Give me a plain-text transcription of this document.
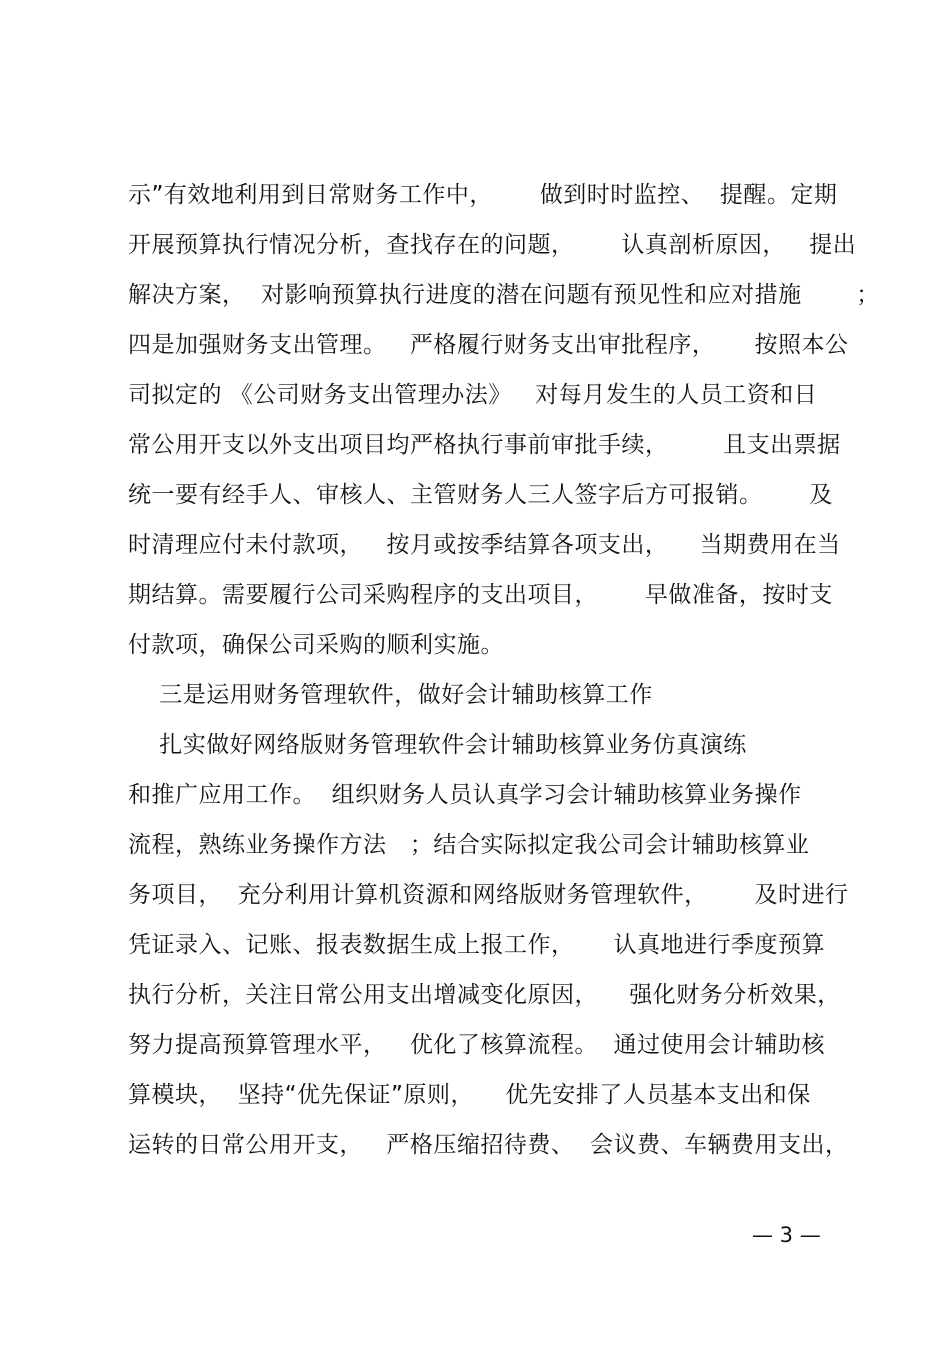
示”有效地利用到日常财务工作中，      做到时时监控、  提醒。定期
开展预算执行情况分析，查找存在的问题，      认真剖析原因，   提出
解决方案，  对影响预算执行进度的潜在问题有预见性和应对措施       ；
四是加强财务支出管理。   严格履行财务支出审批程序，     按照本公
司拟定的 《公司财务支出管理办法》   对每月发生的人员工资和日
常公用开支以外支出项目均严格执行事前审批手续，       且支出票据
统一要有经手人、审核人、主管财务人三人签字后方可报销。      及
时清理应付未付款项，   按月或按季结算各项支出，    当期费用在当
期结算。需要履行公司采购程序的支出项目，      早做准备，按时支
付款项，确保公司采购的顺利实施。
三是运用财务管理软件，做好会计辅助核算工作
扎实做好网络版财务管理软件会计辅助核算业务仿真演练
和推广应用工作。  组织财务人员认真学习会计辅助核算业务操作
流程，熟练业务操作方法   ；结合实际拟定我公司会计辅助核算业
务项目，  充分利用计算机资源和网络版财务管理软件，      及时进行
凭证录入、记账、报表数据生成上报工作，     认真地进行季度预算
执行分析，关注日常公用支出增减变化原因，    强化财务分析效果，
努力提高预算管理水平，   优化了核算流程。  通过使用会计辅助核
算模块，  坚持“优先保证”原则，    优先安排了人员基本支出和保
运转的日常公用开支，   严格压缩招待费、  会议费、车辆费用支出，
— 3 —
